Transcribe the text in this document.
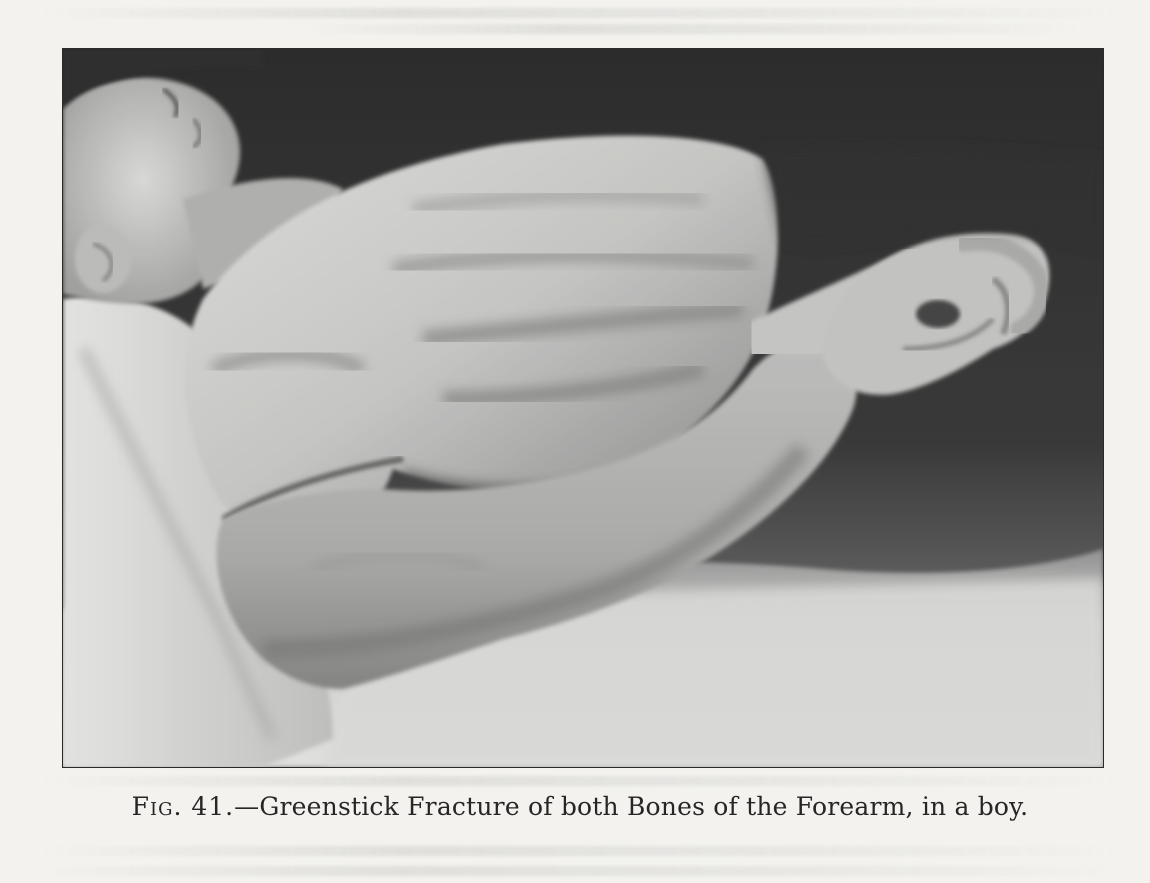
Fig. 41.—Greenstick Fracture of both Bones of the Forearm, in a boy.
